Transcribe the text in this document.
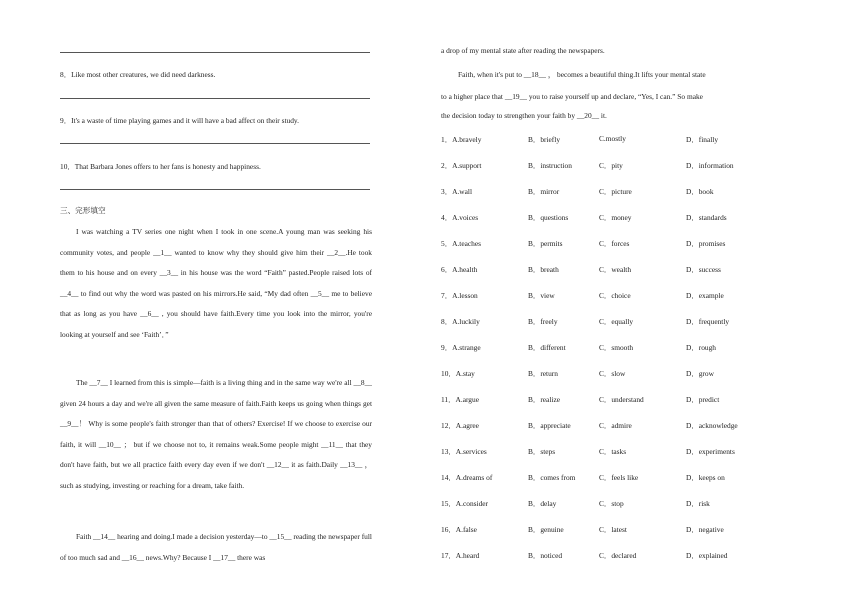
8．Like most other creatures, we did need darkness.
9．It's a waste of time playing games and it will have a bad affect on their study.
10．That Barbara Jones offers to her fans is honesty and happiness.
三、完形填空
I was watching a TV series one night when I took in one scene.A young man was seeking his community votes, and people __1__ wanted to know why they should give him their __2__.He took them to his house and on every __3__ in his house was the word “Faith” pasted.People raised lots of __4__ to find out why the word was pasted on his mirrors.He said, “My dad often __5__ me to believe that as long as you have __6__ , you should have faith.Every time you look into the mirror, you're looking at yourself and see ‘Faith’．”
The __7__ I learned from this is simple—faith is a living thing and in the same way we're all __8__ given 24 hours a day and we're all given the same measure of faith.Faith keeps us going when things get __9__！ Why is some people's faith stronger than that of others? Exercise! If we choose to exercise our faith, it will __10__ ； but if we choose not to, it remains weak.Some people might __11__ that they don't have faith, but we all practice faith every day even if we don't __12__ it as faith.Daily __13__ ， such as studying, investing or reaching for a dream, take faith.
Faith __14__ hearing and doing.I made a decision yesterday—to __15__ reading the newspaper full of too much sad and __16__ news.Why? Because I __17__ there was
a drop of my mental state after reading the newspapers.
Faith, when it's put to __18__ ， becomes a beautiful thing.It lifts your mental state
to a higher place that __19__ you to raise yourself up and declare, “Yes, I can.” So make
the decision today to strengthen your faith by __20__ it.
1．A.bravely	B．briefly	C.mostly	D．finally
2．A.support	B．instruction	C．pity	D．information
3．A.wall	B．mirror	C．picture	D．book
4．A.voices	B．questions	C．money	D．standards
5．A.teaches	B．permits	C．forces	D．promises
6．A.health	B．breath	C．wealth	D．success
7．A.lesson	B．view	C．choice	D．example
8．A.luckily	B．freely	C．equally	D．frequently
9．A.strange	B．different	C．smooth	D．rough
10．A.stay	B．return	C．slow	D．grow
11．A.argue	B．realize	C．understand	D．predict
12．A.agree	B．appreciate	C．admire	D．acknowledge
13．A.services	B．steps	C．tasks	D．experiments
14．A.dreams of	B．comes from	C．feels like	D．keeps on
15．A.consider	B．delay	C．stop	D．risk
16．A.false	B．genuine	C．latest	D．negative
17．A.heard	B．noticed	C．declared	D．explained
